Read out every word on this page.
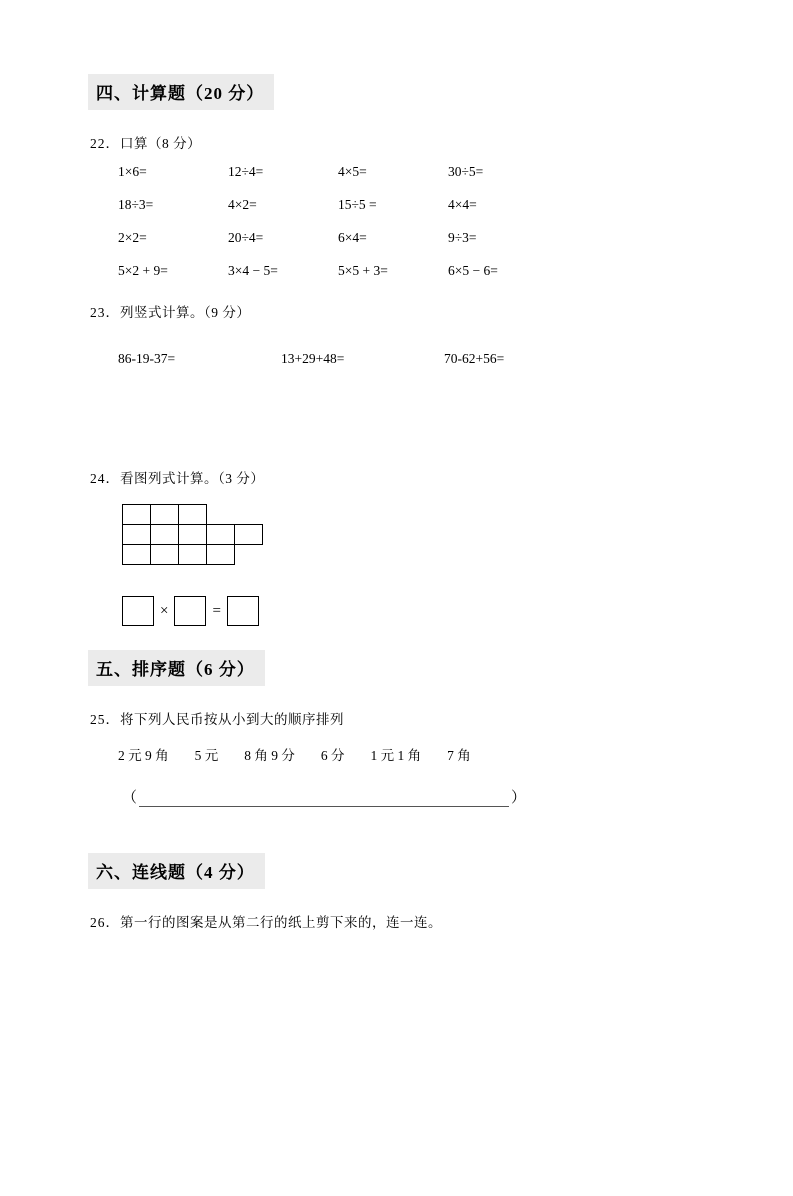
四、计算题（20 分）
22．口算（8 分）
1×6=	12÷4=	4×5=	30÷5=
18÷3=	4×2=	15÷5 =	4×4=
2×2=	20÷4=	6×4=	9÷3=
5×2 + 9=	3×4 − 5=	5×5 + 3=	6×5 − 6=
23．列竖式计算。（9 分）
86-19-37=	13+29+48=	70-62+56=
24．看图列式计算。（3 分）
×	=
五、排序题（6 分）
25．将下列人民币按从小到大的顺序排列
2 元 9 角 5 元 8 角 9 分 6 分 1 元 1 角 7 角
（	）
六、连线题（4 分）
26．第一行的图案是从第二行的纸上剪下来的，连一连。
